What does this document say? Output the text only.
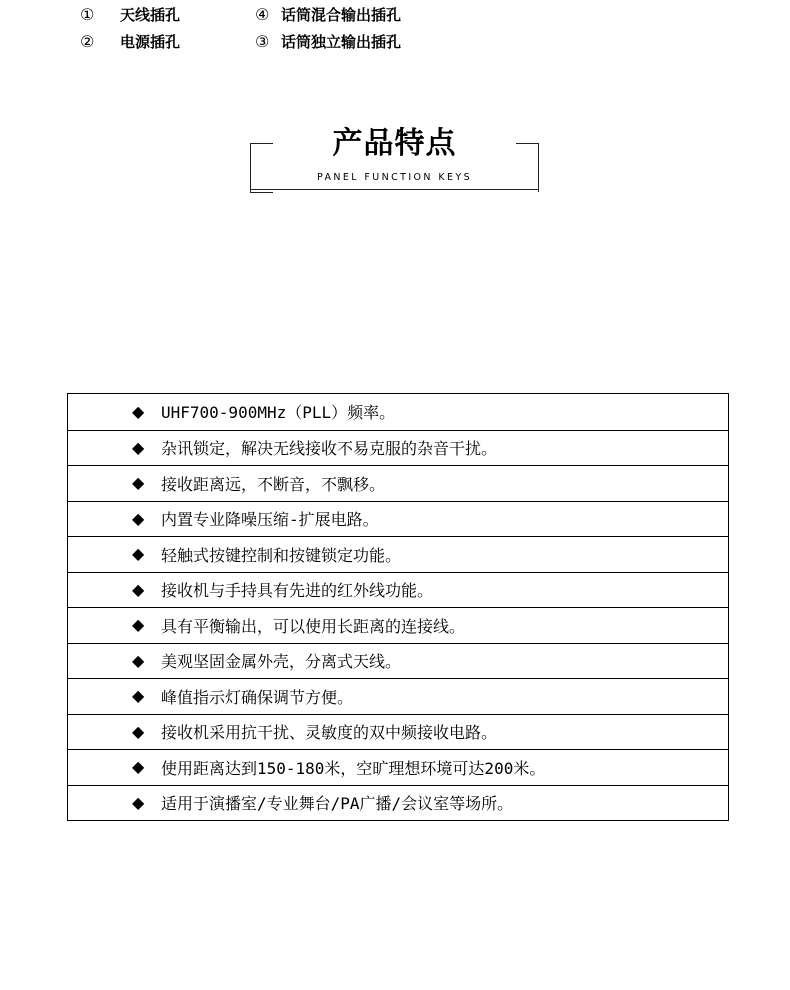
① 天线插孔	④ 话筒混合输出插孔
② 电源插孔	③ 话筒独立输出插孔
产品特点
PANEL FUNCTION KEYS
◆	UHF700-900MHz（PLL）频率。
◆	杂讯锁定，解决无线接收不易克服的杂音干扰。
◆	接收距离远，不断音，不飘移。
◆	内置专业降噪压缩-扩展电路。
◆	轻触式按键控制和按键锁定功能。
◆	接收机与手持具有先进的红外线功能。
◆	具有平衡输出，可以使用长距离的连接线。
◆	美观坚固金属外壳，分离式天线。
◆	峰值指示灯确保调节方便。
◆	接收机采用抗干扰、灵敏度的双中频接收电路。
◆	使用距离达到150-180米，空旷理想环境可达200米。
◆	适用于演播室/专业舞台/PA广播/会议室等场所。
